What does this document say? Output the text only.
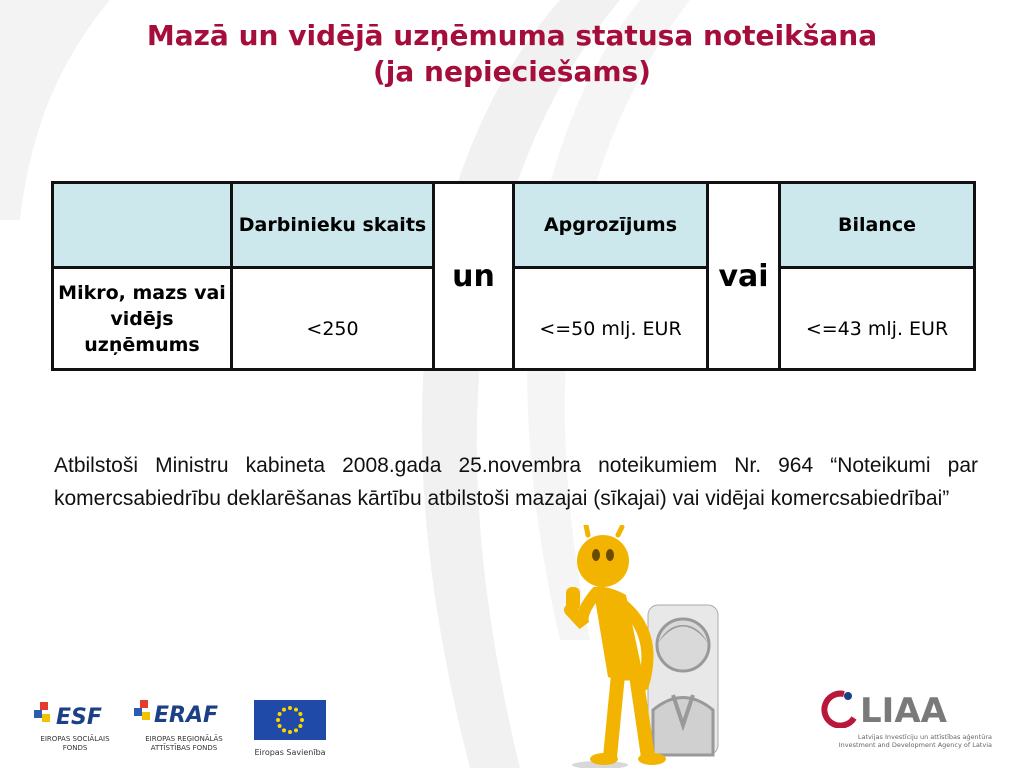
Mazā un vidējā uzņēmuma statusa noteikšana
(ja nepieciešams)
	Darbinieku skaits	un	Apgrozījums	vai	Bilance
Mikro, mazs vai vidējs uzņēmums	<250		<=50 mlj. EUR		<=43 mlj. EUR
Atbilstoši Ministru kabineta 2008.gada 25.novembra noteikumiem Nr. 964 “Noteikumi par komercsabiedrību deklarēšanas kārtību atbilstoši mazajai (sīkajai) vai vidējai komercsabiedrībai”
ESF
EIROPAS SOCIĀLAIS
FONDS
ERAF
EIROPAS REĢIONĀLĀS
ATTĪSTĪBAS FONDS	Eiropas Savienība
LIAA
Latvijas Investīciju un attīstības aģentūra
Investment and Development Agency of Latvia
